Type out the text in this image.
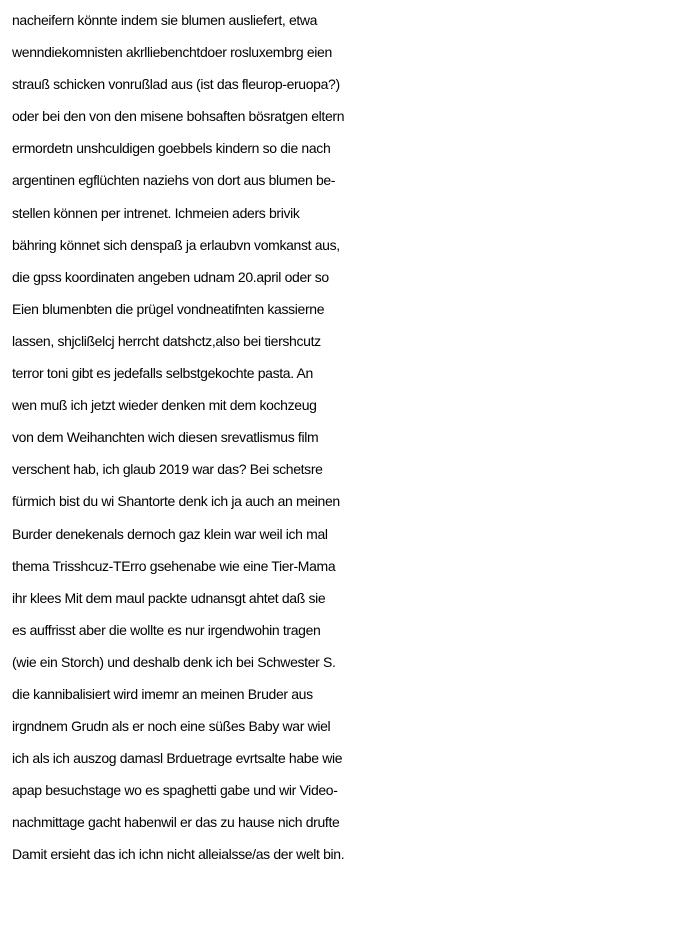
nacheifern könnte indem sie blumen ausliefert, etwa
wenndiekomnisten akrlliebenchtdoer rosluxembrg eien
strauß schicken vonrußlad aus (ist das fleurop-eruopa?)
oder bei den von den misene bohsaften bösratgen eltern
ermordetn unshculdigen goebbels kindern so die nach
argentinen egflüchten naziehs von dort aus blumen be-
stellen können per intrenet. Ichmeien aders brivik
bähring könnet sich denspaß ja erlaubvn vomkanst aus,
die gpss koordinaten angeben udnam 20.april oder so
Eien blumenbten die prügel vondneatifnten kassierne
lassen, shjclißelcj herrcht datshctz,also bei tiershcutz
terror toni gibt es jedefalls selbstgekochte pasta. An
wen muß ich jetzt wieder denken mit dem kochzeug
von dem Weihanchten wich diesen srevatlismus film
verschent hab, ich glaub 2019 war das? Bei schetsre
fürmich bist du wi Shantorte denk ich ja auch an meinen
Burder denekenals dernoch gaz klein war weil ich mal
thema Trisshcuz-TErro gsehenabe wie eine Tier-Mama
ihr klees Mit dem maul packte udnansgt ahtet daß sie
es auffrisst aber die wollte es nur irgendwohin tragen
(wie ein Storch) und deshalb denk ich bei Schwester S.
die kannibalisiert wird imemr an meinen Bruder aus
irgndnem Grudn als er noch eine süßes Baby war wiel
ich als ich auszog damasl Brduetrage evrtsalte habe wie
apap besuchstage wo es spaghetti gabe und wir Video-
nachmittage gacht habenwil er das zu hause nich drufte
Damit ersieht das ich ichn nicht alleialsse/as der welt bin.
